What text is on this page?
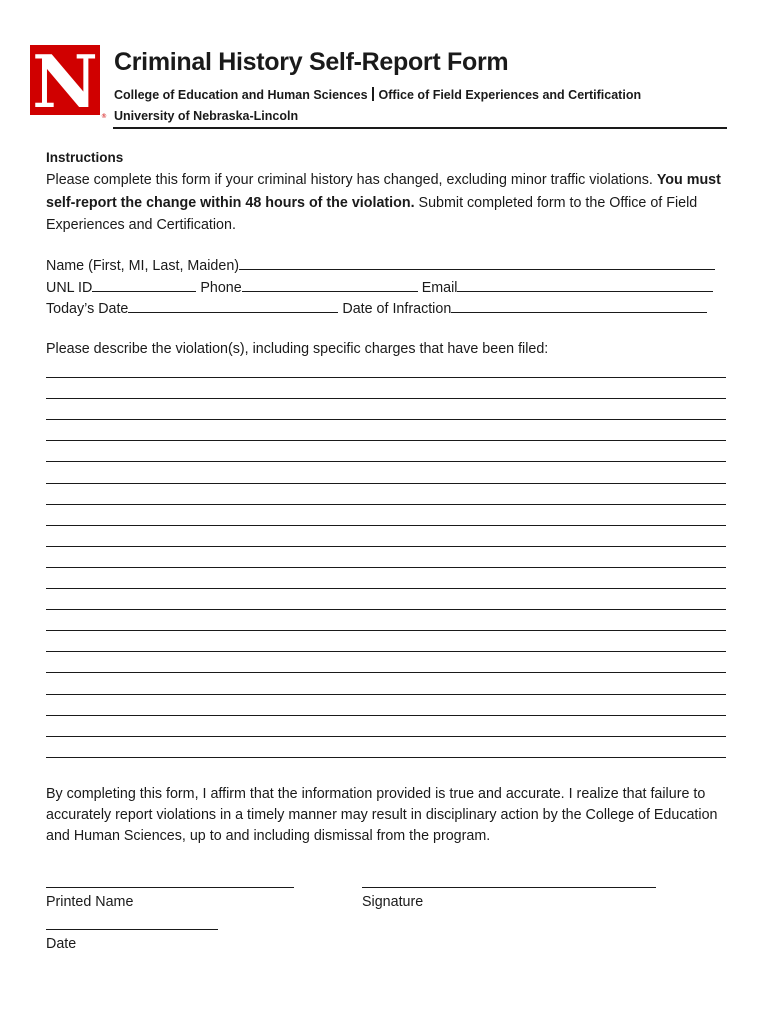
N ®
Criminal History Self-Report Form
College of Education and Human Sciences Office of Field Experiences and Certification
University of Nebraska-Lincoln
Instructions
Please complete this form if your criminal history has changed, excluding minor traffic violations. You must self-report the change within 48 hours of the violation. Submit completed form to the Office of Field Experiences and Certification.
Name (First, MI, Last, Maiden)
UNL ID	Phone	Email
Today’s Date	Date of Infraction
Please describe the violation(s), including specific charges that have been filed:
By completing this form, I affirm that the information provided is true and accurate. I realize that failure to accurately report violations in a timely manner may result in disciplinary action by the College of Education and Human Sciences, up to and including dismissal from the program.
Printed Name	Signature
Date
